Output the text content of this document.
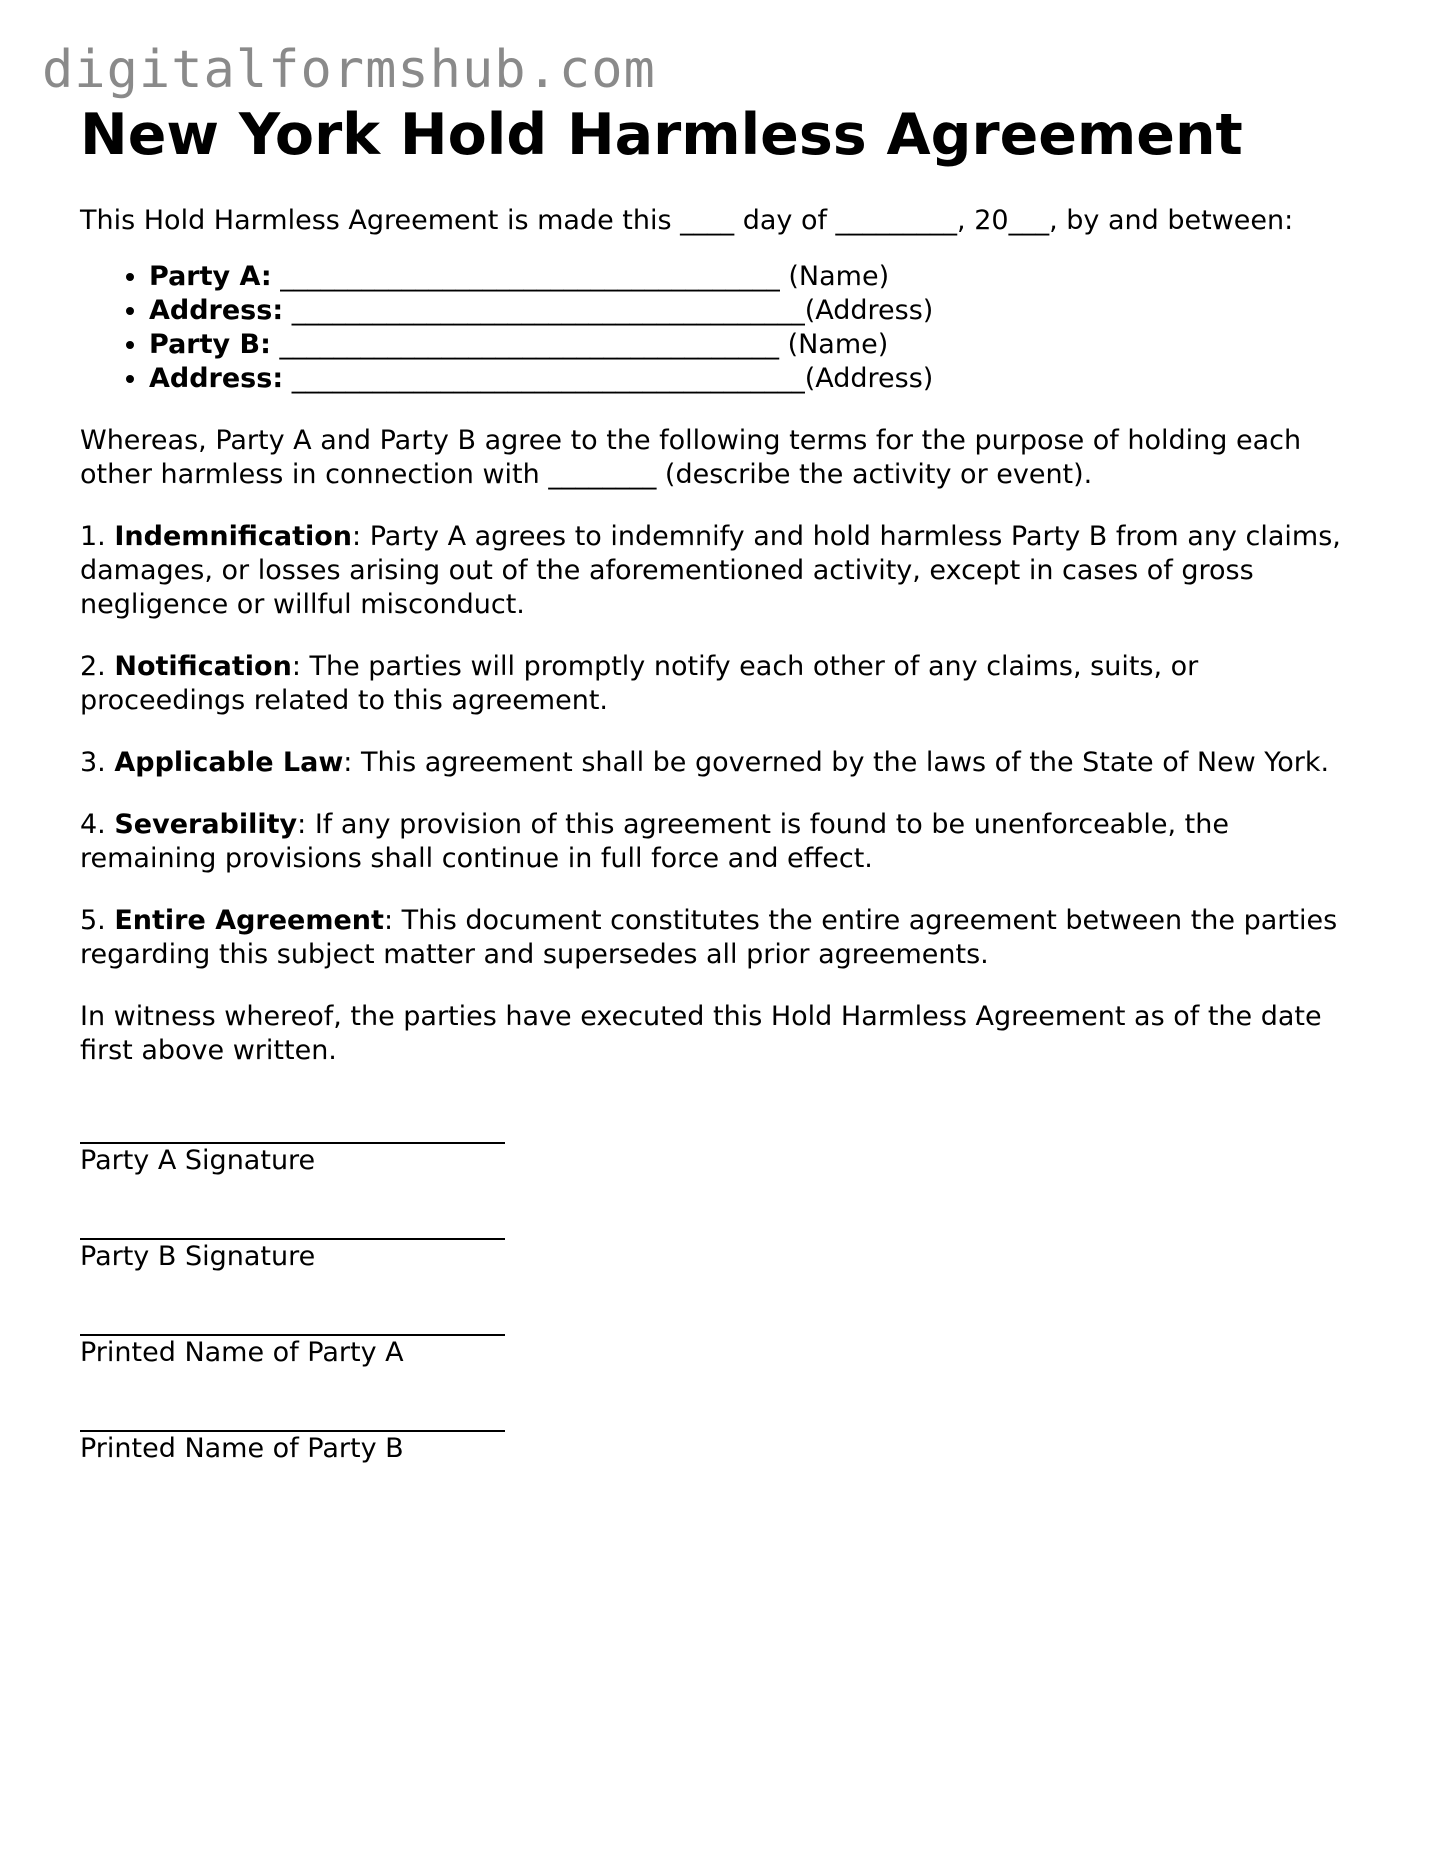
digitalformshub.com
New York Hold Harmless Agreement

This Hold Harmless Agreement is made this ____ day of _________, 20___, by and between:

• Party A: _____________________________________ (Name)
• Address: ______________________________________(Address)
• Party B: _____________________________________ (Name)
• Address: ______________________________________(Address)

Whereas, Party A and Party B agree to the following terms for the purpose of holding each other harmless in connection with ________ (describe the activity or event).

1. Indemnification: Party A agrees to indemnify and hold harmless Party B from any claims, damages, or losses arising out of the aforementioned activity, except in cases of gross negligence or willful misconduct.

2. Notification: The parties will promptly notify each other of any claims, suits, or proceedings related to this agreement.

3. Applicable Law: This agreement shall be governed by the laws of the State of New York.

4. Severability: If any provision of this agreement is found to be unenforceable, the remaining provisions shall continue in full force and effect.

5. Entire Agreement: This document constitutes the entire agreement between the parties regarding this subject matter and supersedes all prior agreements.

In witness whereof, the parties have executed this Hold Harmless Agreement as of the date first above written.

Party A Signature
Party B Signature
Printed Name of Party A
Printed Name of Party B
